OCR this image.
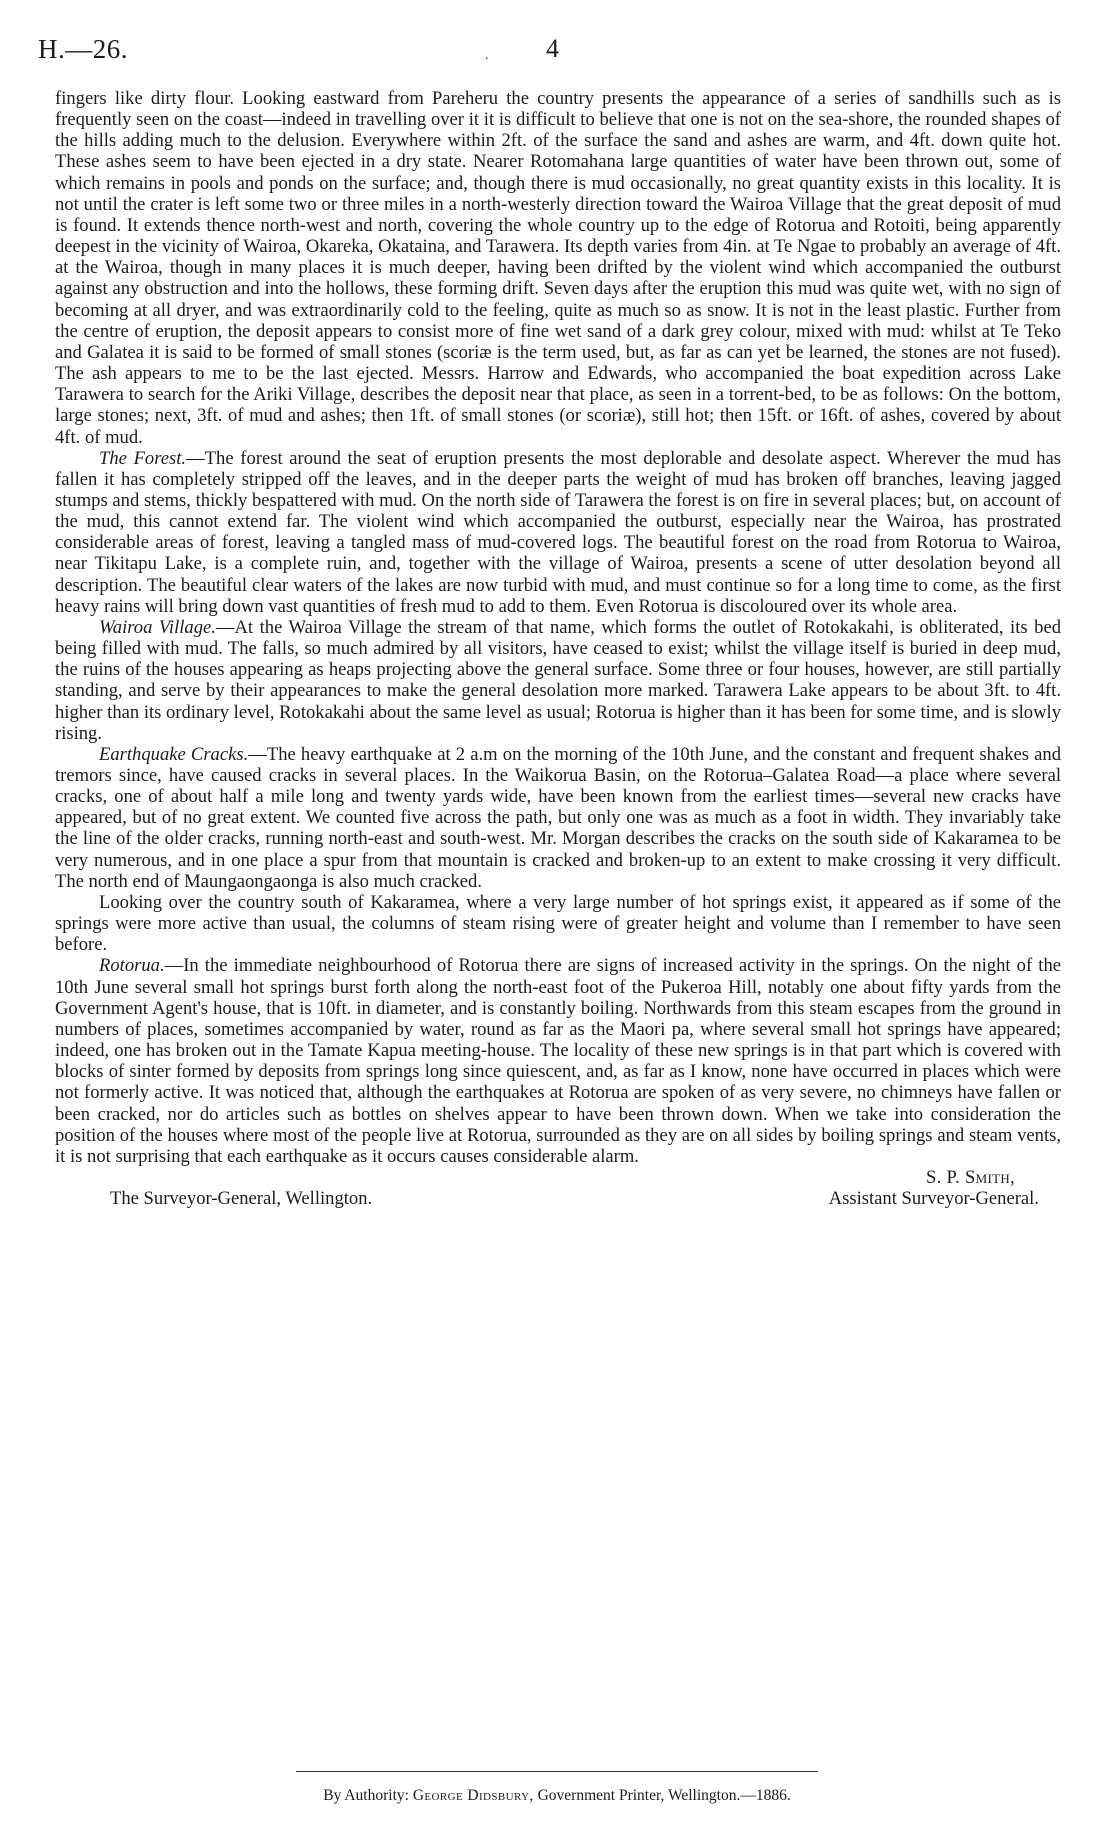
H.—26.	. 4

fingers like dirty flour. Looking eastward from Pareheru the country presents the appearance of a series of sandhills such as is frequently seen on the coast—indeed in travelling over it it is difficult to believe that one is not on the sea-shore, the rounded shapes of the hills adding much to the delusion. Everywhere within 2ft. of the surface the sand and ashes are warm, and 4ft. down quite hot. These ashes seem to have been ejected in a dry state. Nearer Rotomahana large quantities of water have been thrown out, some of which remains in pools and ponds on the surface; and, though there is mud occasionally, no great quantity exists in this locality. It is not until the crater is left some two or three miles in a north-westerly direction toward the Wairoa Village that the great deposit of mud is found. It extends thence north-west and north, covering the whole country up to the edge of Rotorua and Rotoiti, being apparently deepest in the vicinity of Wairoa, Okareka, Okataina, and Tarawera. Its depth varies from 4in. at Te Ngae to probably an average of 4ft. at the Wairoa, though in many places it is much deeper, having been drifted by the violent wind which accompanied the outburst against any obstruction and into the hollows, these forming drift. Seven days after the eruption this mud was quite wet, with no sign of becoming at all dryer, and was extraordinarily cold to the feeling, quite as much so as snow. It is not in the least plastic. Further from the centre of eruption, the deposit appears to consist more of fine wet sand of a dark grey colour, mixed with mud: whilst at Te Teko and Galatea it is said to be formed of small stones (scoriæ is the term used, but, as far as can yet be learned, the stones are not fused). The ash appears to me to be the last ejected. Messrs. Harrow and Edwards, who accompanied the boat expedition across Lake Tarawera to search for the Ariki Village, describes the deposit near that place, as seen in a torrent-bed, to be as follows: On the bottom, large stones; next, 3ft. of mud and ashes; then 1ft. of small stones (or scoriæ), still hot; then 15ft. or 16ft. of ashes, covered by about 4ft. of mud.

The Forest.—The forest around the seat of eruption presents the most deplorable and desolate aspect. Wherever the mud has fallen it has completely stripped off the leaves, and in the deeper parts the weight of mud has broken off branches, leaving jagged stumps and stems, thickly bespattered with mud. On the north side of Tarawera the forest is on fire in several places; but, on account of the mud, this cannot extend far. The violent wind which accompanied the outburst, especially near the Wairoa, has prostrated considerable areas of forest, leaving a tangled mass of mud-covered logs. The beautiful forest on the road from Rotorua to Wairoa, near Tikitapu Lake, is a complete ruin, and, together with the village of Wairoa, presents a scene of utter desolation beyond all description. The beautiful clear waters of the lakes are now turbid with mud, and must continue so for a long time to come, as the first heavy rains will bring down vast quantities of fresh mud to add to them. Even Rotorua is discoloured over its whole area.

Wairoa Village.—At the Wairoa Village the stream of that name, which forms the outlet of Rotokakahi, is obliterated, its bed being filled with mud. The falls, so much admired by all visitors, have ceased to exist; whilst the village itself is buried in deep mud, the ruins of the houses appearing as heaps projecting above the general surface. Some three or four houses, however, are still partially standing, and serve by their appearances to make the general desolation more marked. Tarawera Lake appears to be about 3ft. to 4ft. higher than its ordinary level, Rotokakahi about the same level as usual; Rotorua is higher than it has been for some time, and is slowly rising.

Earthquake Cracks.—The heavy earthquake at 2 a.m on the morning of the 10th June, and the constant and frequent shakes and tremors since, have caused cracks in several places. In the Waikorua Basin, on the Rotorua–Galatea Road—a place where several cracks, one of about half a mile long and twenty yards wide, have been known from the earliest times—several new cracks have appeared, but of no great extent. We counted five across the path, but only one was as much as a foot in width. They invariably take the line of the older cracks, running north-east and south-west. Mr. Morgan describes the cracks on the south side of Kakaramea to be very numerous, and in one place a spur from that mountain is cracked and broken-up to an extent to make crossing it very difficult. The north end of Maungaongaonga is also much cracked.

Looking over the country south of Kakaramea, where a very large number of hot springs exist, it appeared as if some of the springs were more active than usual, the columns of steam rising were of greater height and volume than I remember to have seen before.

Rotorua.—In the immediate neighbourhood of Rotorua there are signs of increased activity in the springs. On the night of the 10th June several small hot springs burst forth along the north-east foot of the Pukeroa Hill, notably one about fifty yards from the Government Agent's house, that is 10ft. in diameter, and is constantly boiling. Northwards from this steam escapes from the ground in numbers of places, sometimes accompanied by water, round as far as the Maori pa, where several small hot springs have appeared; indeed, one has broken out in the Tamate Kapua meeting-house. The locality of these new springs is in that part which is covered with blocks of sinter formed by deposits from springs long since quiescent, and, as far as I know, none have occurred in places which were not formerly active. It was noticed that, although the earthquakes at Rotorua are spoken of as very severe, no chimneys have fallen or been cracked, nor do articles such as bottles on shelves appear to have been thrown down. When we take into consideration the position of the houses where most of the people live at Rotorua, surrounded as they are on all sides by boiling springs and steam vents, it is not surprising that each earthquake as it occurs causes considerable alarm.

S. P. Smith,
The Surveyor-General, Wellington.	Assistant Surveyor-General.
By Authority: George Didsbury, Government Printer, Wellington.—1886.
